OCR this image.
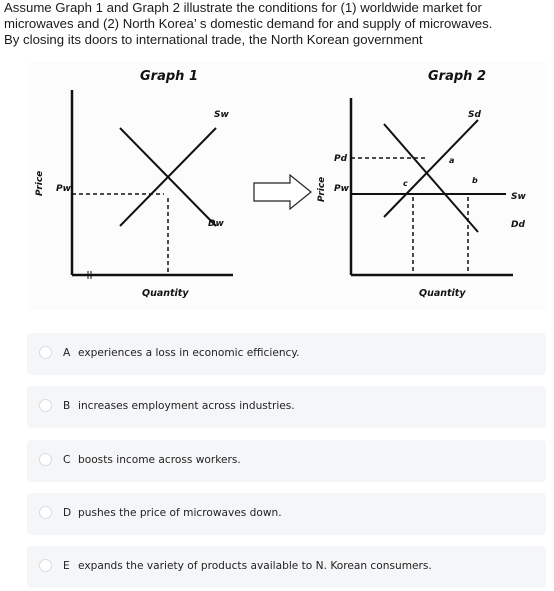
Assume Graph 1 and Graph 2 illustrate the conditions for (1) worldwide market for
microwaves and (2) North Korea’ s domestic demand for and supply of microwaves.
By closing its doors to international trade, the North Korean government
Graph 1
Sw
Dw
Pw
Price
Quantity
Graph 2
Sd
Dd
Sw
Pd
Pw
a
b
c
Price
Quantity
A experiences a loss in economic efficiency.
B increases employment across industries.
C boosts income across workers.
D pushes the price of microwaves down.
E expands the variety of products available to N. Korean consumers.
